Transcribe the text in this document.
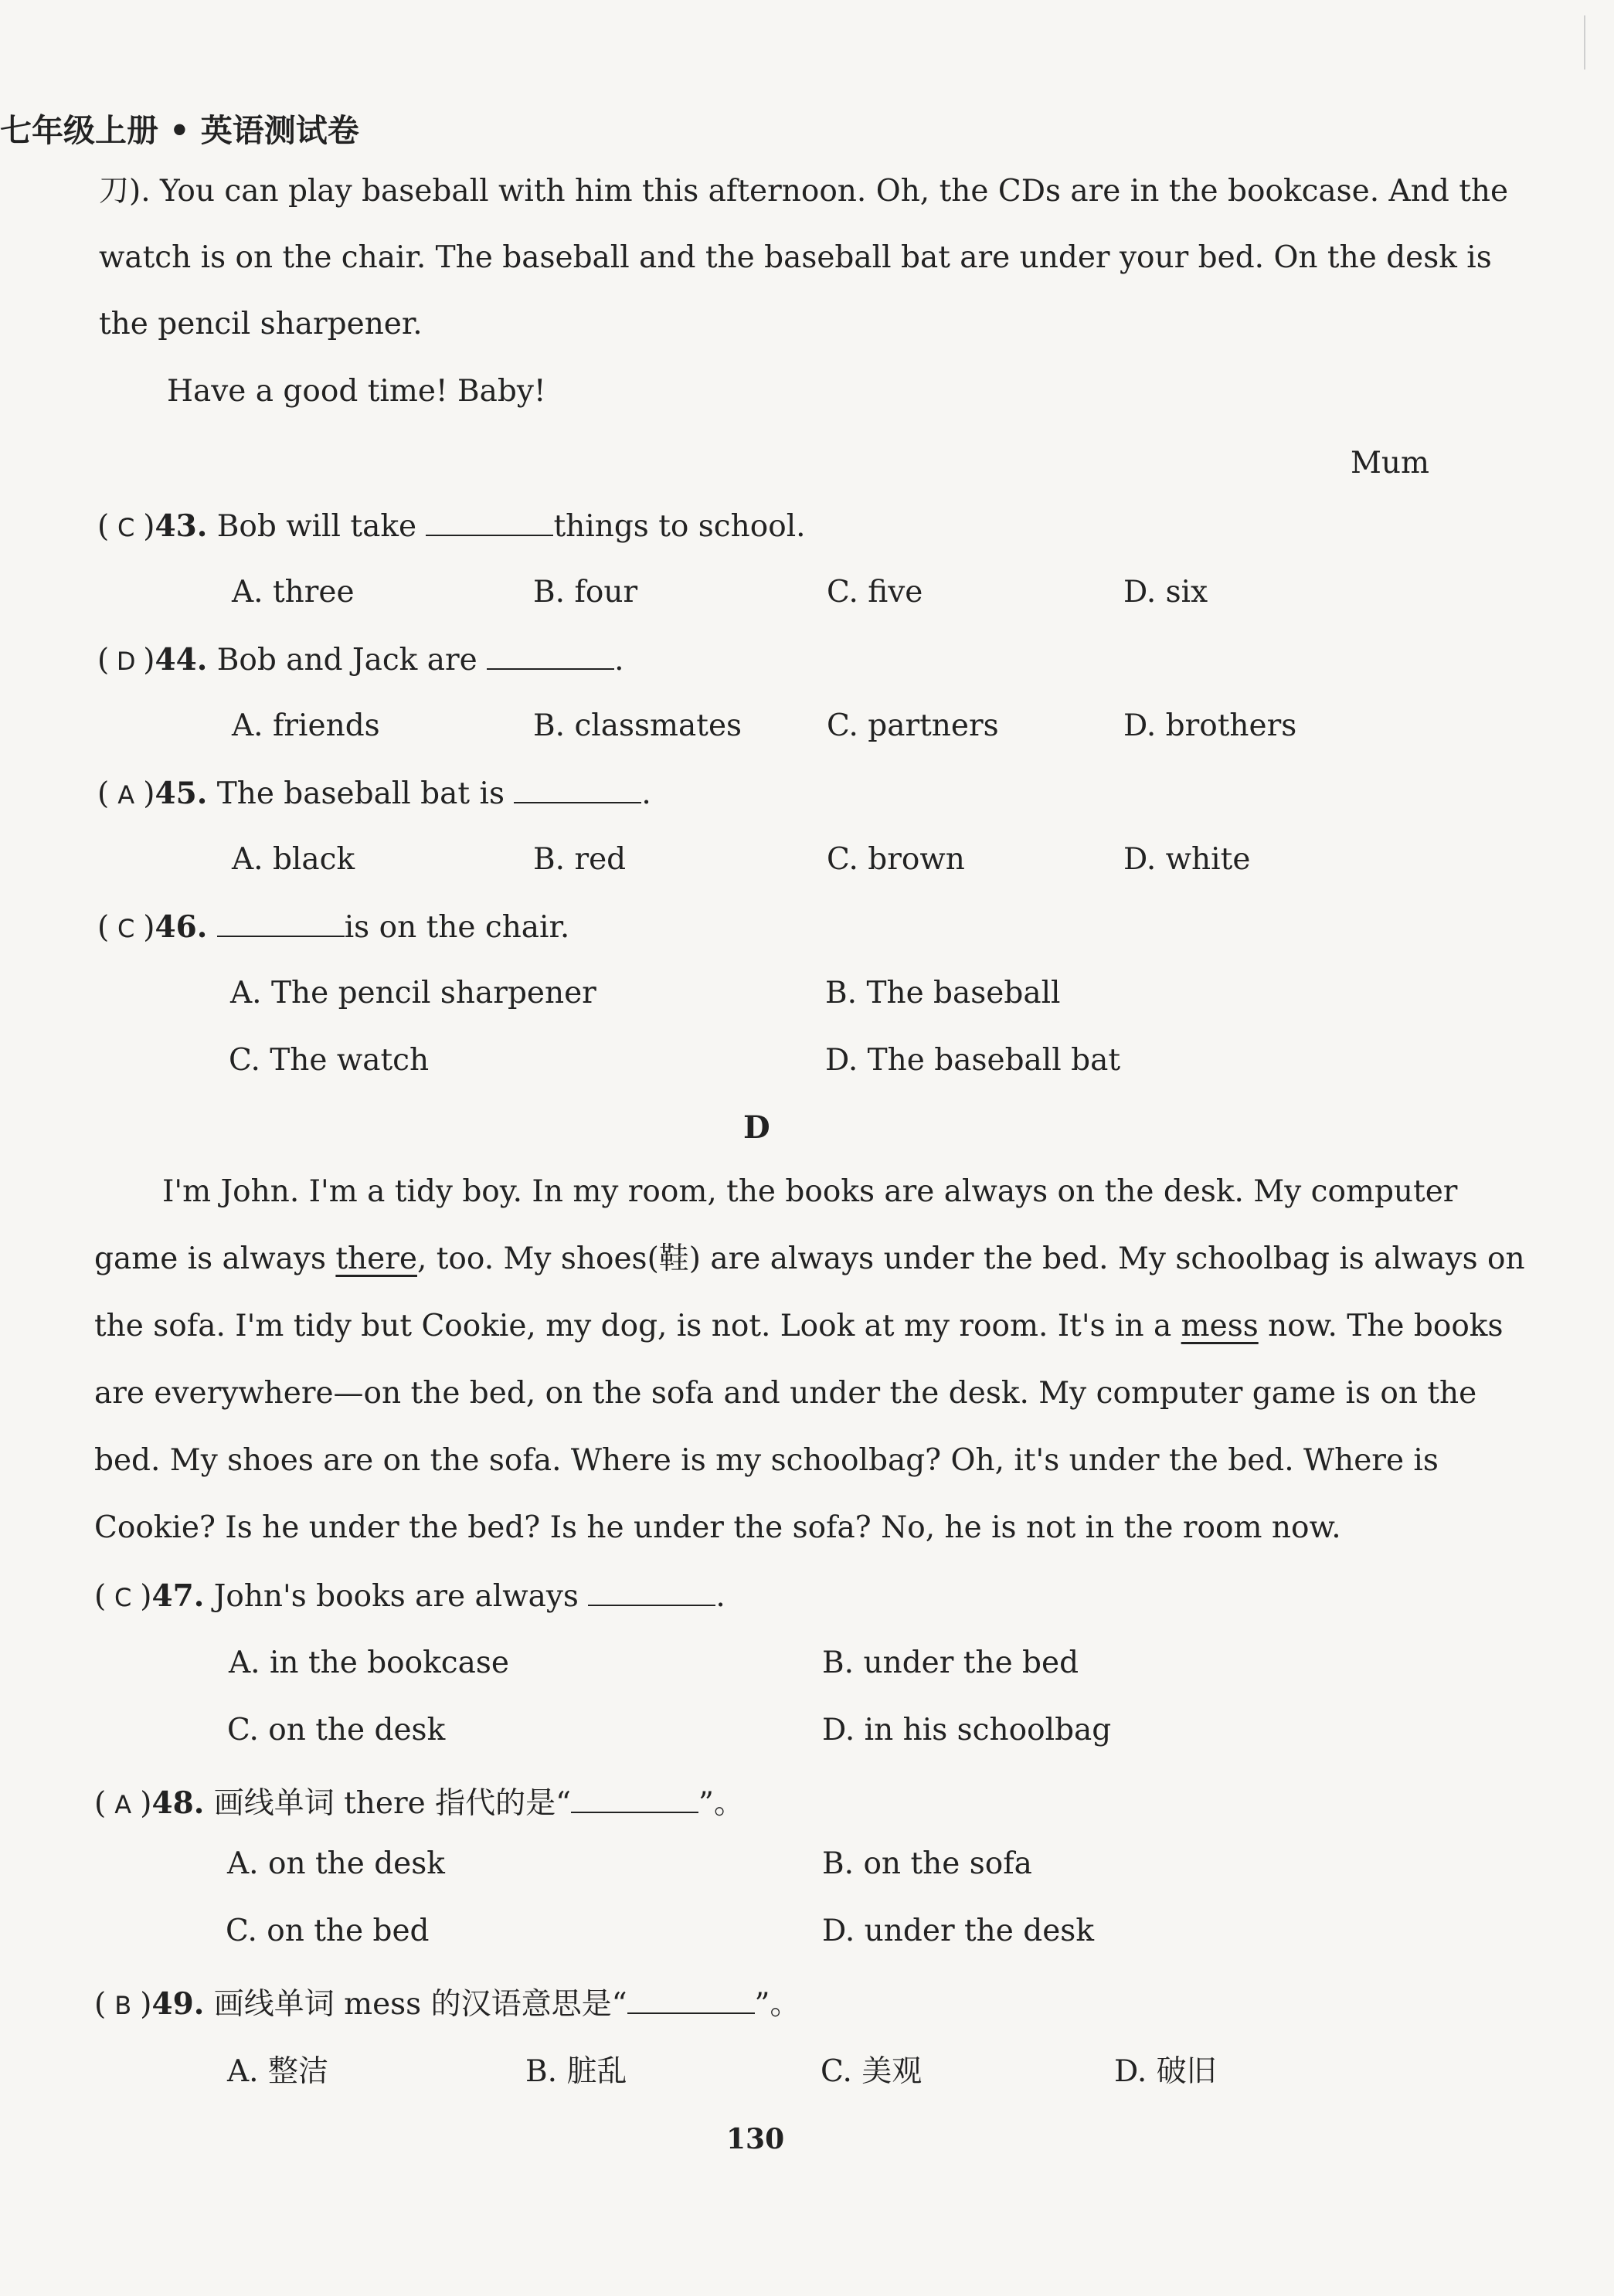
七年级上册 • 英语测试卷
刀). You can play baseball with him this afternoon. Oh, the CDs are in the bookcase. And the
watch is on the chair. The baseball and the baseball bat are under your bed. On the desk is
the pencil sharpener.
Have a good time! Baby!
Mum
( C )43. Bob will take	things to school.
A. three	B. four	C. five	D. six
( D )44. Bob and Jack are	.
A. friends	B. classmates	C. partners	D. brothers
( A )45. The baseball bat is	.
A. black	B. red	C. brown	D. white
( C )46.	is on the chair.
A. The pencil sharpener	B. The baseball
C. The watch	D. The baseball bat
D
I'm John. I'm a tidy boy. In my room, the books are always on the desk. My computer
game is always there, too. My shoes(鞋) are always under the bed. My schoolbag is always on
the sofa. I'm tidy but Cookie, my dog, is not. Look at my room. It's in a mess now. The books
are everywhere—on the bed, on the sofa and under the desk. My computer game is on the
bed. My shoes are on the sofa. Where is my schoolbag? Oh, it's under the bed. Where is
Cookie? Is he under the bed? Is he under the sofa? No, he is not in the room now.
( C )47. John's books are always	.
A. in the bookcase	B. under the bed
C. on the desk	D. in his schoolbag
( A )48. 画线单词 there 指代的是“	”。
A. on the desk	B. on the sofa
C. on the bed	D. under the desk
( B )49. 画线单词 mess 的汉语意思是“	”。
A. 整洁	B. 脏乱	C. 美观	D. 破旧
130
